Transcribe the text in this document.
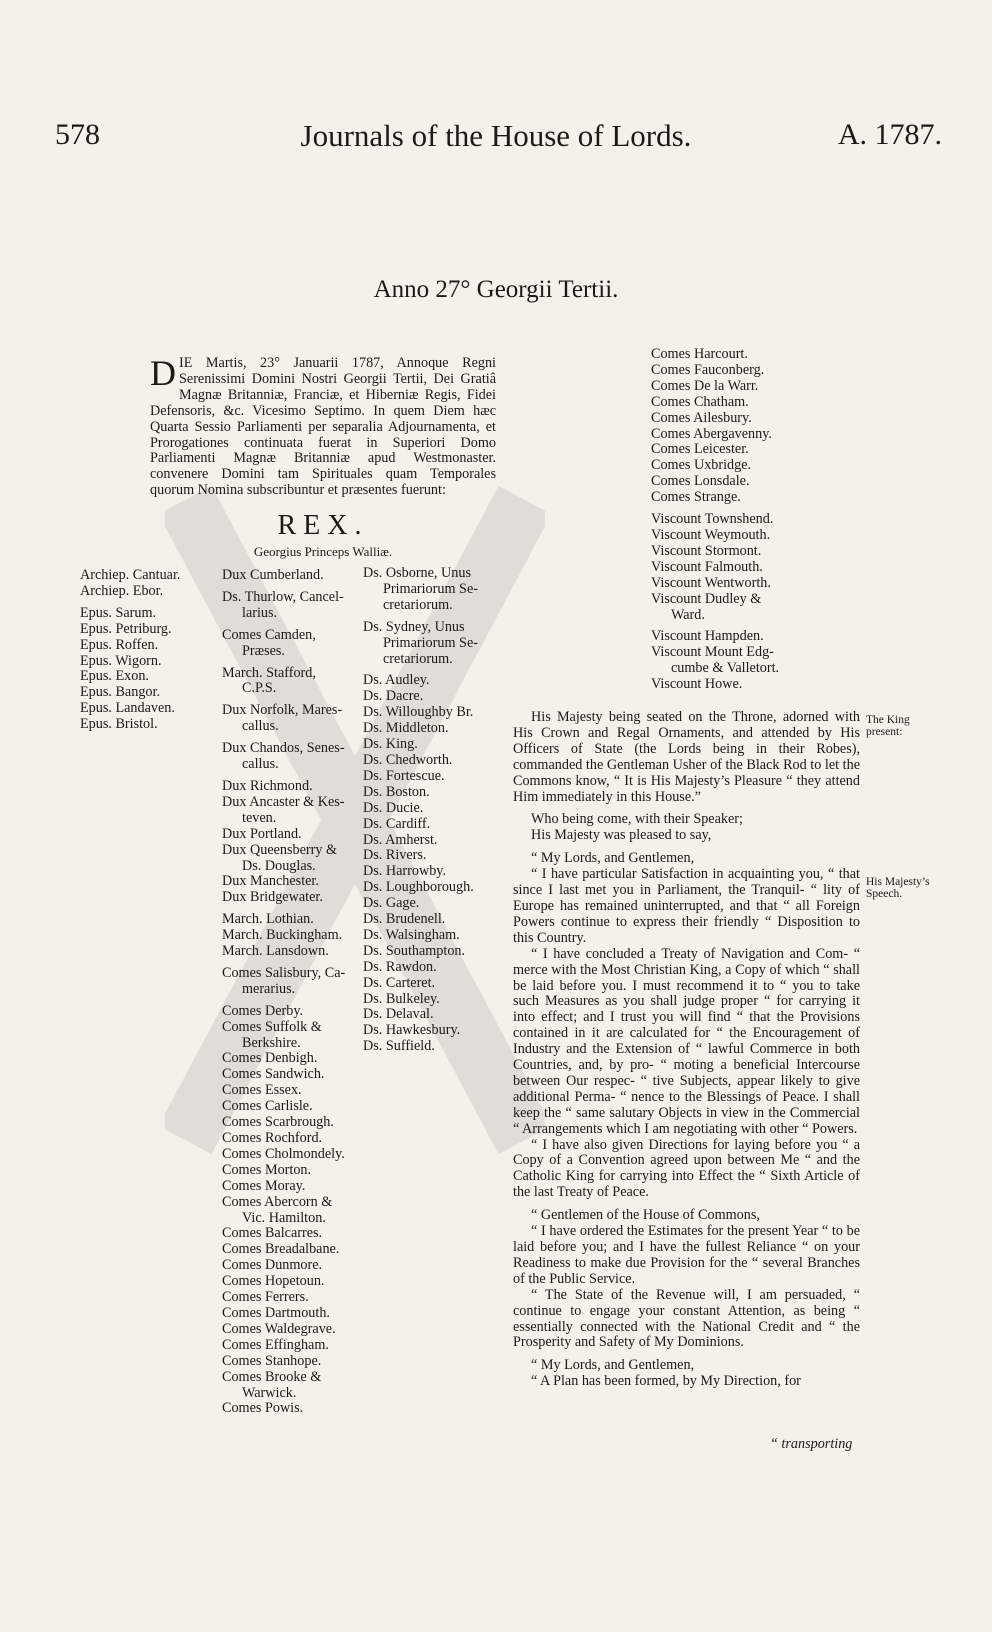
578	Journals of the House of Lords.	A. 1787.
Anno 27° Georgii Tertii.
D IE Martis, 23° Januarii 1787, Annoque Regni Serenissimi Domini Nostri Georgii Tertii, Dei Gratiâ Magnæ Britanniæ, Franciæ, et Hiberniæ Regis, Fidei Defensoris, &c. Vicesimo Septimo. In quem Diem hæc Quarta Sessio Parliamenti per separalia Adjournamenta, et Prorogationes continuata fuerat in Superiori Domo Parliamenti Magnæ Britanniæ apud Westmonaster. convenere Domini tam Spirituales quam Temporales quorum Nomina subscribuntur et præsentes fuerunt:
REX.
Georgius Princeps Walliæ.
Archiep. Cantuar.
Archiep. Ebor.
Epus. Sarum.
Epus. Petriburg.
Epus. Roffen.
Epus. Wigorn.
Epus. Exon.
Epus. Bangor.
Epus. Landaven.
Epus. Bristol.
Dux Cumberland.
Ds. Thurlow, Cancel-
larius.
Comes Camden,
Præses.
March. Stafford,
C.P.S.
Dux Norfolk, Mares-
callus.
Dux Chandos, Senes-
callus.
Dux Richmond.
Dux Ancaster & Kes-
teven.
Dux Portland.
Dux Queensberry &
Ds. Douglas.
Dux Manchester.
Dux Bridgewater.
March. Lothian.
March. Buckingham.
March. Lansdown.
Comes Salisbury, Ca-
merarius.
Comes Derby.
Comes Suffolk &
Berkshire.
Comes Denbigh.
Comes Sandwich.
Comes Essex.
Comes Carlisle.
Comes Scarbrough.
Comes Rochford.
Comes Cholmondely.
Comes Morton.
Comes Moray.
Comes Abercorn &
Vic. Hamilton.
Comes Balcarres.
Comes Breadalbane.
Comes Dunmore.
Comes Hopetoun.
Comes Ferrers.
Comes Dartmouth.
Comes Waldegrave.
Comes Effingham.
Comes Stanhope.
Comes Brooke &
Warwick.
Comes Powis.
Ds. Osborne, Unus
Primariorum Se-
cretariorum.
Ds. Sydney, Unus
Primariorum Se-
cretariorum.
Ds. Audley.
Ds. Dacre.
Ds. Willoughby Br.
Ds. Middleton.
Ds. King.
Ds. Chedworth.
Ds. Fortescue.
Ds. Boston.
Ds. Ducie.
Ds. Cardiff.
Ds. Amherst.
Ds. Rivers.
Ds. Harrowby.
Ds. Loughborough.
Ds. Gage.
Ds. Brudenell.
Ds. Walsingham.
Ds. Southampton.
Ds. Rawdon.
Ds. Carteret.
Ds. Bulkeley.
Ds. Delaval.
Ds. Hawkesbury.
Ds. Suffield.
Comes Harcourt.
Comes Fauconberg.
Comes De la Warr.
Comes Chatham.
Comes Ailesbury.
Comes Abergavenny.
Comes Leicester.
Comes Uxbridge.
Comes Lonsdale.
Comes Strange.
Viscount Townshend.
Viscount Weymouth.
Viscount Stormont.
Viscount Falmouth.
Viscount Wentworth.
Viscount Dudley &
Ward.
Viscount Hampden.
Viscount Mount Edg-
cumbe & Valletort.
Viscount Howe.
His Majesty being seated on the Throne, adorned with His Crown and Regal Ornaments, and attended by His Officers of State (the Lords being in their Robes), commanded the Gentleman Usher of the Black Rod to let the Commons know, “ It is His Majesty’s Pleasure “ they attend Him immediately in this House.”
Who being come, with their Speaker;
His Majesty was pleased to say,
“ My Lords, and Gentlemen,
“ I have particular Satisfaction in acquainting you, “ that since I last met you in Parliament, the Tranquil- “ lity of Europe has remained uninterrupted, and that “ all Foreign Powers continue to express their friendly “ Disposition to this Country.
“ I have concluded a Treaty of Navigation and Com- “ merce with the Most Christian King, a Copy of which “ shall be laid before you. I must recommend it to “ you to take such Measures as you shall judge proper “ for carrying it into effect; and I trust you will find “ that the Provisions contained in it are calculated for “ the Encouragement of Industry and the Extension of “ lawful Commerce in both Countries, and, by pro- “ moting a beneficial Intercourse between Our respec- “ tive Subjects, appear likely to give additional Perma- “ nence to the Blessings of Peace. I shall keep the “ same salutary Objects in view in the Commercial “ Arrangements which I am negotiating with other “ Powers.
“ I have also given Directions for laying before you “ a Copy of a Convention agreed upon between Me “ and the Catholic King for carrying into Effect the “ Sixth Article of the last Treaty of Peace.
“ Gentlemen of the House of Commons,
“ I have ordered the Estimates for the present Year “ to be laid before you; and I have the fullest Reliance “ on your Readiness to make due Provision for the “ several Branches of the Public Service.
“ The State of the Revenue will, I am persuaded, “ continue to engage your constant Attention, as being “ essentially connected with the National Credit and “ the Prosperity and Safety of My Dominions.
“ My Lords, and Gentlemen,
“ A Plan has been formed, by My Direction, for
The King present:
His Majesty’s Speech.
“ transporting
